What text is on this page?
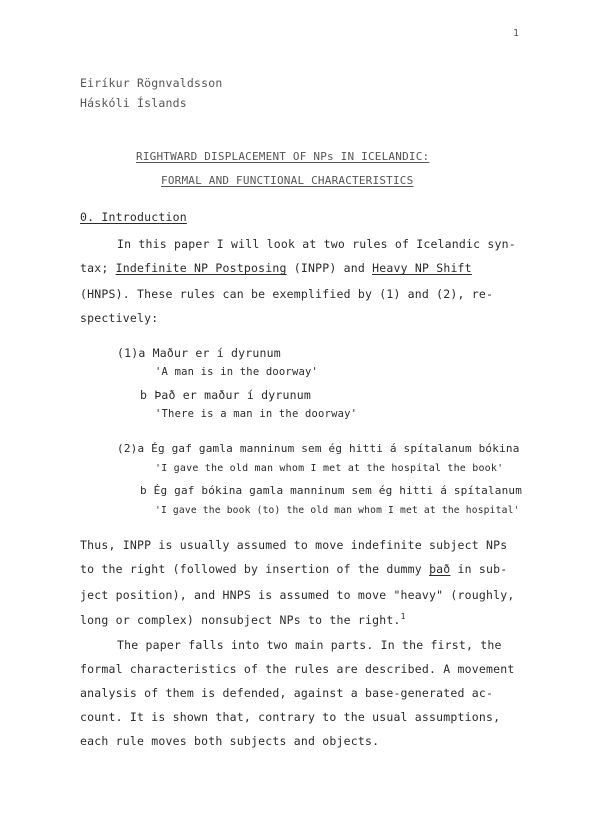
1
Eiríkur Rögnvaldsson
Háskóli Íslands
RIGHTWARD DISPLACEMENT OF NPs IN ICELANDIC:
FORMAL AND FUNCTIONAL CHARACTERISTICS
0. Introduction
In this paper I will look at two rules of Icelandic syn-
tax; Indefinite NP Postposing (INPP) and Heavy NP Shift
(HNPS). These rules can be exemplified by (1) and (2), re-
spectively:
(1)a Maður er í dyrunum
'A man is in the doorway'
b Það er maður í dyrunum
'There is a man in the doorway'
(2)a Ég gaf gamla manninum sem ég hitti á spítalanum bókina
'I gave the old man whom I met at the hospital the book'
b Ég gaf bókina gamla manninum sem ég hitti á spítalanum
'I gave the book (to) the old man whom I met at the hospital'
Thus, INPP is usually assumed to move indefinite subject NPs
to the right (followed by insertion of the dummy það in sub-
ject position), and HNPS is assumed to move "heavy" (roughly,
long or complex) nonsubject NPs to the right.$^1$
The paper falls into two main parts. In the first, the
formal characteristics of the rules are described. A movement
analysis of them is defended, against a base-generated ac-
count. It is shown that, contrary to the usual assumptions,
each rule moves both subjects and objects.
